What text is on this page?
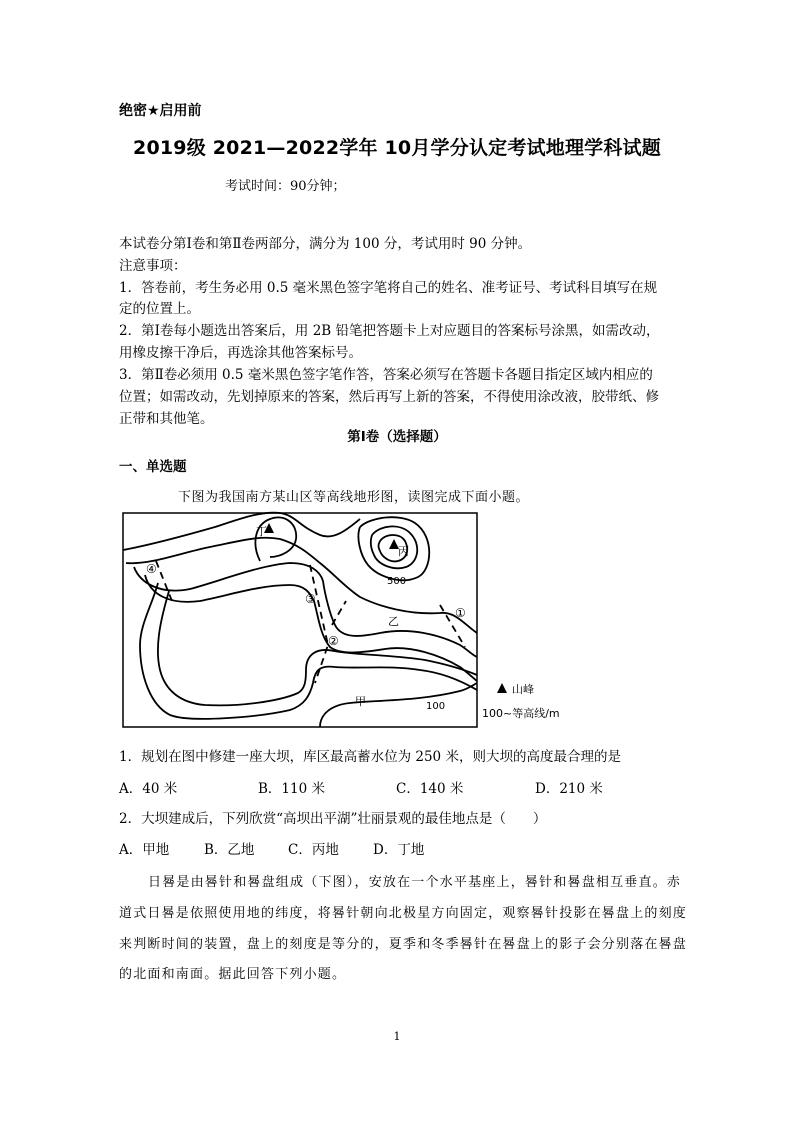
绝密★启用前
2019级 2021—2022学年 10月学分认定考试地理学科试题
考试时间：90分钟；
本试卷分第Ⅰ卷和第Ⅱ卷两部分，满分为 100 分，考试用时 90 分钟。
注意事项：
1．答卷前，考生务必用 0.5 毫米黑色签字笔将自己的姓名、准考证号、考试科目填写在规
定的位置上。
2．第Ⅰ卷每小题选出答案后，用 2B 铅笔把答题卡上对应题目的答案标号涂黑，如需改动，
用橡皮擦干净后，再选涂其他答案标号。
3．第Ⅱ卷必须用 0.5 毫米黑色签字笔作答，答案必须写在答题卡各题目指定区域内相应的
位置；如需改动，先划掉原来的答案，然后再写上新的答案，不得使用涂改液，胶带纸、修
正带和其他笔。
第Ⅰ卷（选择题）
一、单选题
下图为我国南方某山区等高线地形图，读图完成下面小题。
丁
丙
乙
甲
500
100
①
②
③
④
山峰
100~等高线/m
1．规划在图中修建一座大坝，库区最高蓄水位为 250 米，则大坝的高度最合理的是
A．40 米	B．110 米	C．140 米	D．210 米
2．大坝建成后，下列欣赏“高坝出平湖”壮丽景观的最佳地点是（　　）
A．甲地	B．乙地 C．丙地	D．丁地
日晷是由晷针和晷盘组成（下图），安放在一个水平基座上，晷针和晷盘相互垂直。赤
道式日晷是依照使用地的纬度，将晷针朝向北极星方向固定，观察晷针投影在晷盘上的刻度
来判断时间的装置，盘上的刻度是等分的，夏季和冬季晷针在晷盘上的影子会分别落在晷盘
的北面和南面。据此回答下列小题。
1
